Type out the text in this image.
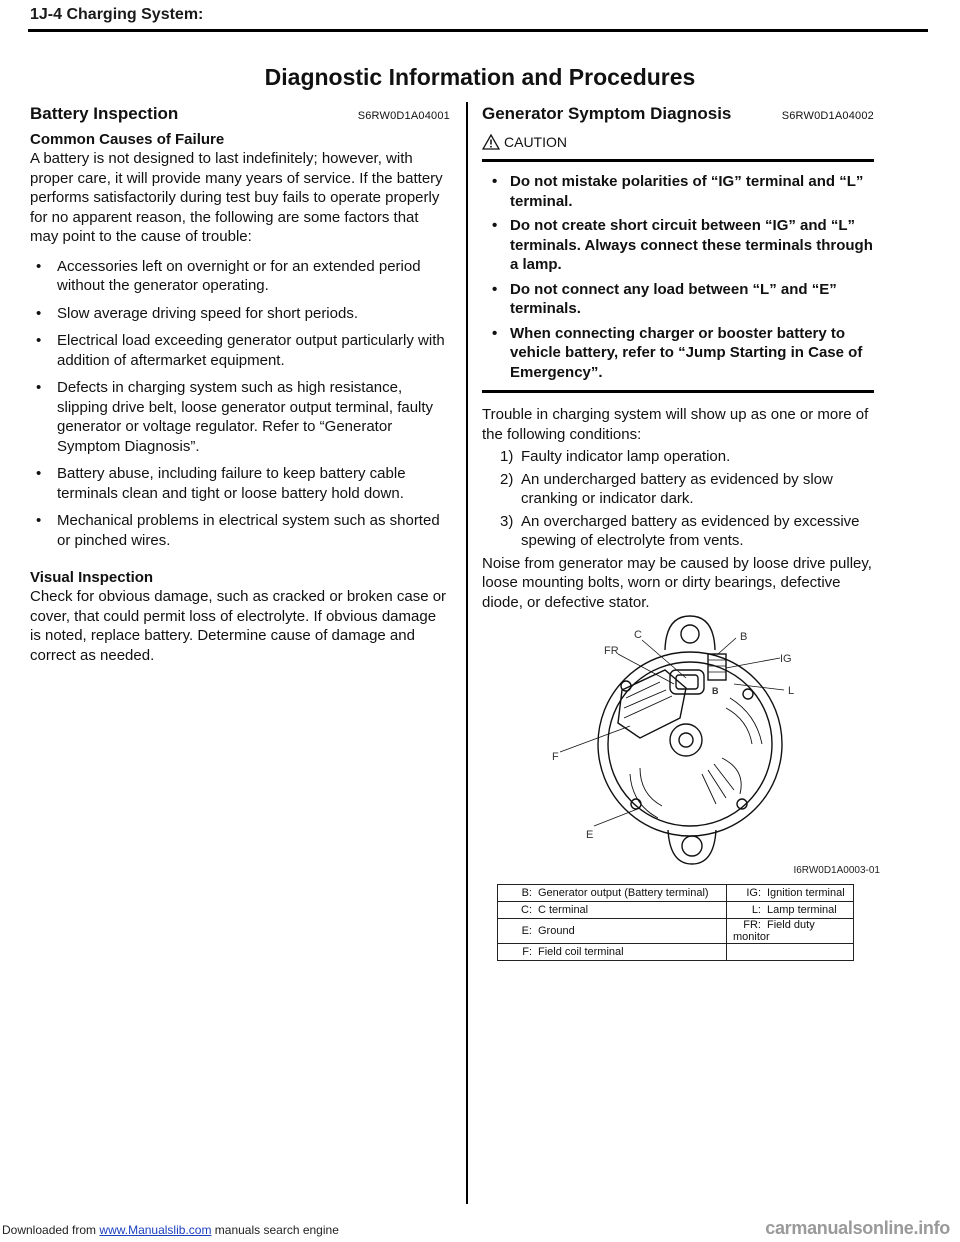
1J-4 Charging System:
Diagnostic Information and Procedures
Battery Inspection	S6RW0D1A04001
Common Causes of Failure

A battery is not designed to last indefinitely; however, with proper care, it will provide many years of service. If the battery performs satisfactorily during test buy fails to operate properly for no apparent reason, the following are some factors that may point to the cause of trouble:

• Accessories left on overnight or for an extended period without the generator operating.
• Slow average driving speed for short periods.
• Electrical load exceeding generator output particularly with addition of aftermarket equipment.
• Defects in charging system such as high resistance, slipping drive belt, loose generator output terminal, faulty generator or voltage regulator. Refer to “Generator Symptom Diagnosis”.
• Battery abuse, including failure to keep battery cable terminals clean and tight or loose battery hold down.
• Mechanical problems in electrical system such as shorted or pinched wires.
Visual Inspection

Check for obvious damage, such as cracked or broken case or cover, that could permit loss of electrolyte. If obvious damage is noted, replace battery. Determine cause of damage and correct as needed.

Generator Symptom Diagnosis	S6RW0D1A04002
CAUTION
• Do not mistake polarities of “IG” terminal and “L” terminal.
• Do not create short circuit between “IG” and “L” terminals. Always connect these terminals through a lamp.
• Do not connect any load between “L” and “E” terminals.
• When connecting charger or booster battery to vehicle battery, refer to “Jump Starting in Case of Emergency”.

Trouble in charging system will show up as one or more of the following conditions:

1) Faulty indicator lamp operation.
2) An undercharged battery as evidenced by slow cranking or indicator dark.
3) An overcharged battery as evidenced by excessive spewing of electrolyte from vents.

Noise from generator may be caused by loose drive pulley, loose mounting bolts, worn or dirty bearings, defective diode, or defective stator.

C	B
FR
IG
L
F
E
B
I6RW0D1A0003-01
B: Generator output (Battery terminal)	IG: Ignition terminal
C: C terminal	L: Lamp terminal
E: Ground	FR: Field duty monitor
F: Field coil terminal	
Downloaded from www.Manualslib.com manuals search engine	carmanualsonline.info
